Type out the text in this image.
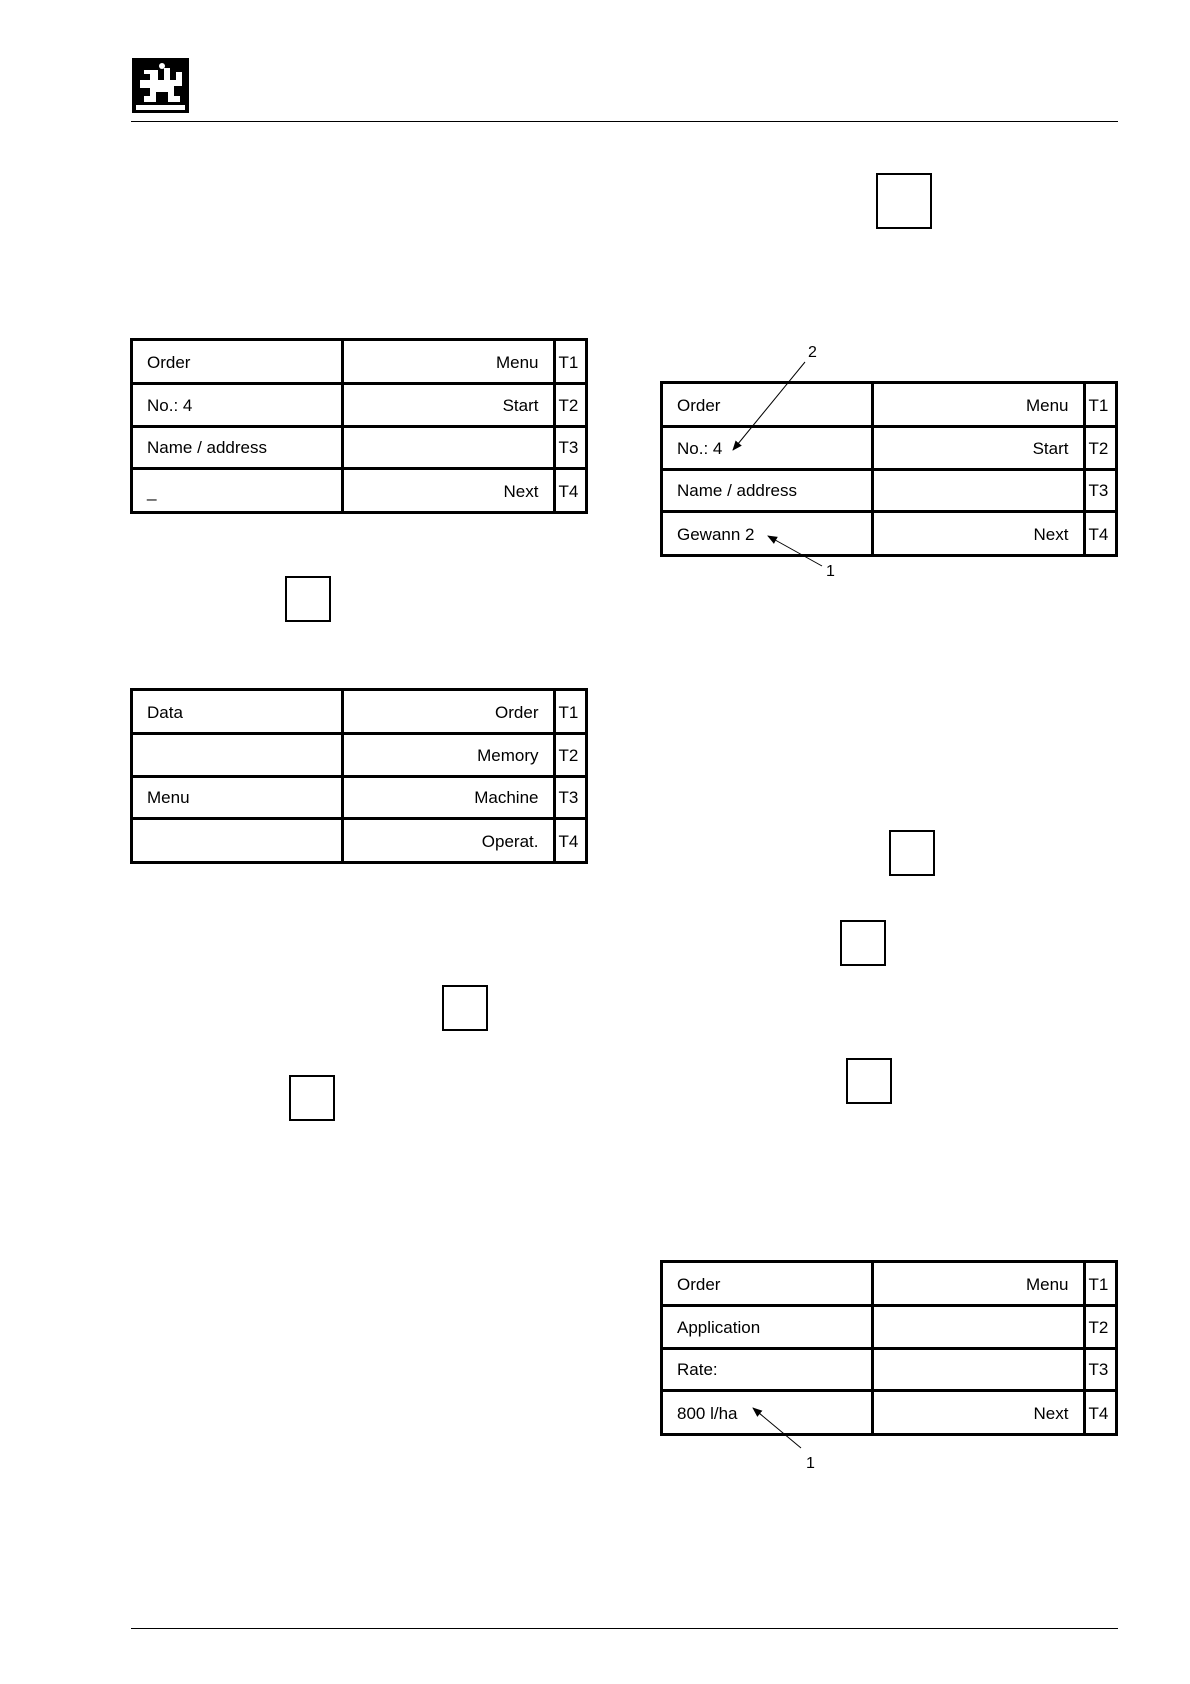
Order	Menu	T1
No.: 4	Start	T2
Name / address		T3
_	Next	T4
Data	Order	T1
	Memory	T2
Menu	Machine	T3
	Operat.	T4
Order	Menu	T1
No.: 4	Start	T2
Name / address		T3
Gewann 2	Next	T4
Order	Menu	T1
Application		T2
Rate:		T3
800 l/ha	Next	T4
2
1
1
